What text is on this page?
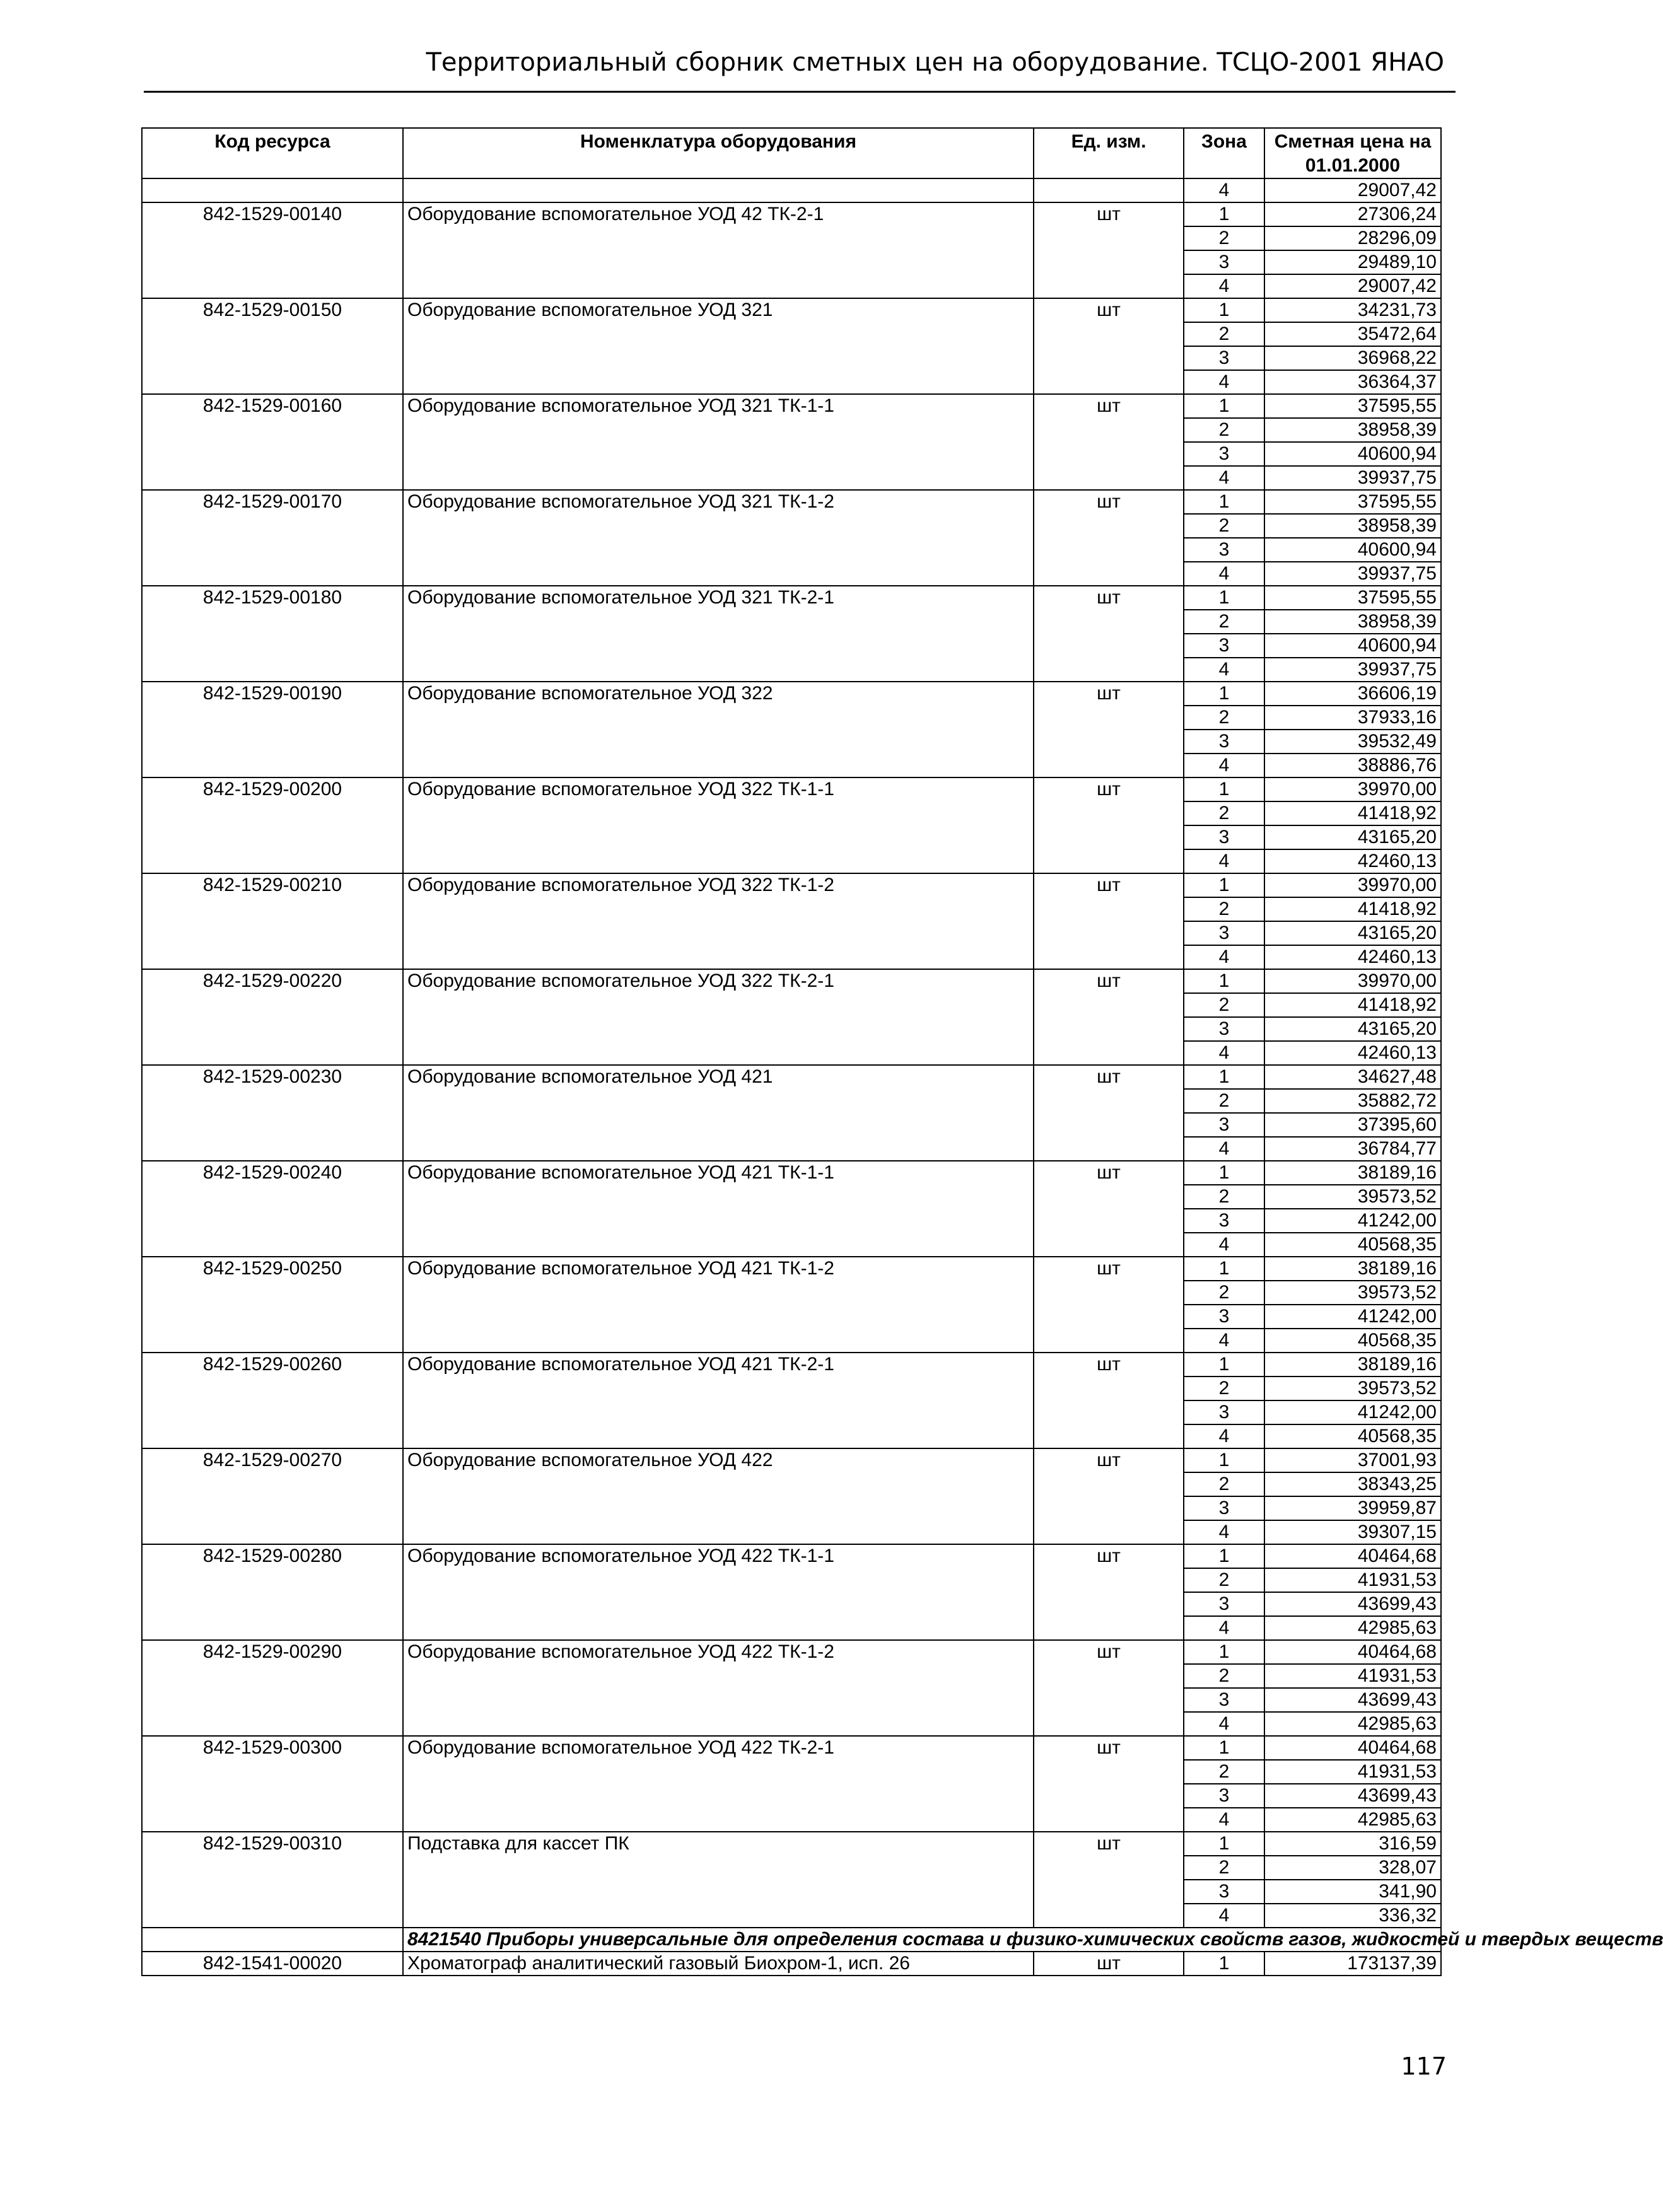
Территориальный сборник сметных цен на оборудование. ТСЦО-2001 ЯНАО
Код ресурса	Номенклатура оборудования	Ед. изм.	Зона	Сметная цена на 01.01.2000
			4	29007,42
842-1529-00140	Оборудование вспомогательное УОД 42 ТК-2-1	шт	1	27306,24
			2	28296,09
			3	29489,10
			4	29007,42
842-1529-00150	Оборудование вспомогательное УОД 321	шт	1	34231,73
			2	35472,64
			3	36968,22
			4	36364,37
842-1529-00160	Оборудование вспомогательное УОД 321 ТК-1-1	шт	1	37595,55
			2	38958,39
			3	40600,94
			4	39937,75
842-1529-00170	Оборудование вспомогательное УОД 321 ТК-1-2	шт	1	37595,55
			2	38958,39
			3	40600,94
			4	39937,75
842-1529-00180	Оборудование вспомогательное УОД 321 ТК-2-1	шт	1	37595,55
			2	38958,39
			3	40600,94
			4	39937,75
842-1529-00190	Оборудование вспомогательное УОД 322	шт	1	36606,19
			2	37933,16
			3	39532,49
			4	38886,76
842-1529-00200	Оборудование вспомогательное УОД 322 ТК-1-1	шт	1	39970,00
			2	41418,92
			3	43165,20
			4	42460,13
842-1529-00210	Оборудование вспомогательное УОД 322 ТК-1-2	шт	1	39970,00
			2	41418,92
			3	43165,20
			4	42460,13
842-1529-00220	Оборудование вспомогательное УОД 322 ТК-2-1	шт	1	39970,00
			2	41418,92
			3	43165,20
			4	42460,13
842-1529-00230	Оборудование вспомогательное УОД 421	шт	1	34627,48
			2	35882,72
			3	37395,60
			4	36784,77
842-1529-00240	Оборудование вспомогательное УОД 421 ТК-1-1	шт	1	38189,16
			2	39573,52
			3	41242,00
			4	40568,35
842-1529-00250	Оборудование вспомогательное УОД 421 ТК-1-2	шт	1	38189,16
			2	39573,52
			3	41242,00
			4	40568,35
842-1529-00260	Оборудование вспомогательное УОД 421 ТК-2-1	шт	1	38189,16
			2	39573,52
			3	41242,00
			4	40568,35
842-1529-00270	Оборудование вспомогательное УОД 422	шт	1	37001,93
			2	38343,25
			3	39959,87
			4	39307,15
842-1529-00280	Оборудование вспомогательное УОД 422 ТК-1-1	шт	1	40464,68
			2	41931,53
			3	43699,43
			4	42985,63
842-1529-00290	Оборудование вспомогательное УОД 422 ТК-1-2	шт	1	40464,68
			2	41931,53
			3	43699,43
			4	42985,63
842-1529-00300	Оборудование вспомогательное УОД 422 ТК-2-1	шт	1	40464,68
			2	41931,53
			3	43699,43
			4	42985,63
842-1529-00310	Подставка для кассет ПК	шт	1	316,59
			2	328,07
			3	341,90
			4	336,32
	8421540 Приборы универсальные для определения состава и физико-химических свойств газов, жидкостей и твердых веществ			
842-1541-00020	Хроматограф аналитический газовый Биохром-1, исп. 26	шт	1	173137,39
117
